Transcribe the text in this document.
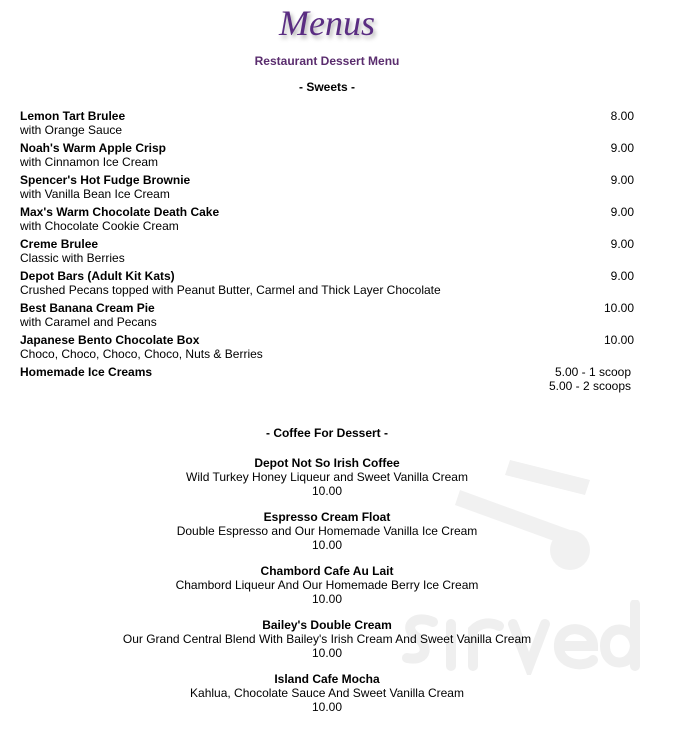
Menus
Restaurant Dessert Menu
- Sweets -
Lemon Tart Brulee
with Orange Sauce
8.00
Noah's Warm Apple Crisp
with Cinnamon Ice Cream
9.00
Spencer's Hot Fudge Brownie
with Vanilla Bean Ice Cream
9.00
Max's Warm Chocolate Death Cake
with Chocolate Cookie Cream
9.00
Creme Brulee
Classic with Berries
9.00
Depot Bars (Adult Kit Kats)
Crushed Pecans topped with Peanut Butter, Carmel and Thick Layer Chocolate
9.00
Best Banana Cream Pie
with Caramel and Pecans
10.00
Japanese Bento Chocolate Box
Choco, Choco, Choco, Choco, Nuts & Berries
10.00
Homemade Ice Creams	5.00 - 1 scoop
5.00 - 2 scoops
- Coffee For Dessert -
Depot Not So Irish Coffee
Wild Turkey Honey Liqueur and Sweet Vanilla Cream
10.00
Espresso Cream Float
Double Espresso and Our Homemade Vanilla Ice Cream
10.00
Chambord Cafe Au Lait
Chambord Liqueur And Our Homemade Berry Ice Cream
10.00
Bailey's Double Cream
Our Grand Central Blend With Bailey's Irish Cream And Sweet Vanilla Cream
10.00
Island Cafe Mocha
Kahlua, Chocolate Sauce And Sweet Vanilla Cream
10.00
